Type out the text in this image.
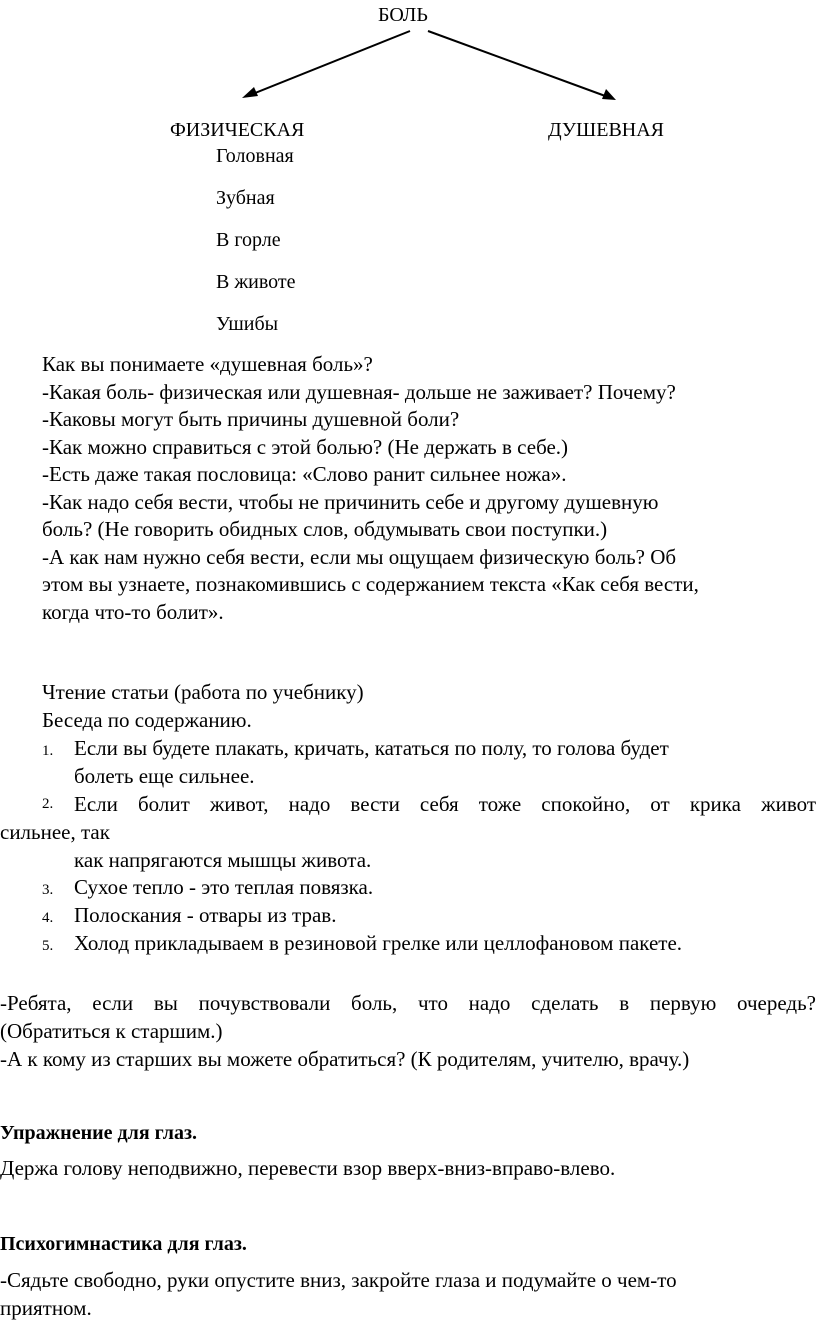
БОЛЬ
ФИЗИЧЕСКАЯ	ДУШЕВНАЯ
Головная
Зубная
В горле
В животе
Ушибы

Как вы понимаете «душевная боль»?

-Какая боль- физическая или душевная- дольше не заживает? Почему?

-Каковы могут быть причины душевной боли?

-Как можно справиться с этой болью? (Не держать в себе.)

-Есть даже такая пословица: «Слово ранит сильнее ножа».

-Как надо себя вести, чтобы не причинить себе и другому душевную

боль? (Не говорить обидных слов, обдумывать свои поступки.)

-А как нам нужно себя вести, если мы ощущаем физическую боль? Об

этом вы узнаете, познакомившись с содержанием текста «Как себя вести,

когда что-то болит».

Чтение статьи (работа по учебнику)

Беседа по содержанию.

1. Если вы будете плакать, кричать, кататься по полу, то голова будет
болеть еще сильнее.
2. Если болит живот, надо вести себя тоже спокойно, от крика живот
сильнее, так
как напрягаются мышцы живота.
3. Сухое тепло - это теплая повязка.
4. Полоскания - отвары из трав.
5. Холод прикладываем в резиновой грелке или целлофановом пакете.
-Ребята, если вы почувствовали боль, что надо сделать в первую очередь?
(Обратиться к старшим.)
-А к кому из старших вы можете обратиться? (К родителям, учителю, врачу.)
Упражнение для глаз.
Держа голову неподвижно, перевести взор вверх-вниз-вправо-влево.
Психогимнастика для глаз.
-Сядьте свободно, руки опустите вниз, закройте глаза и подумайте о чем-то
приятном.
